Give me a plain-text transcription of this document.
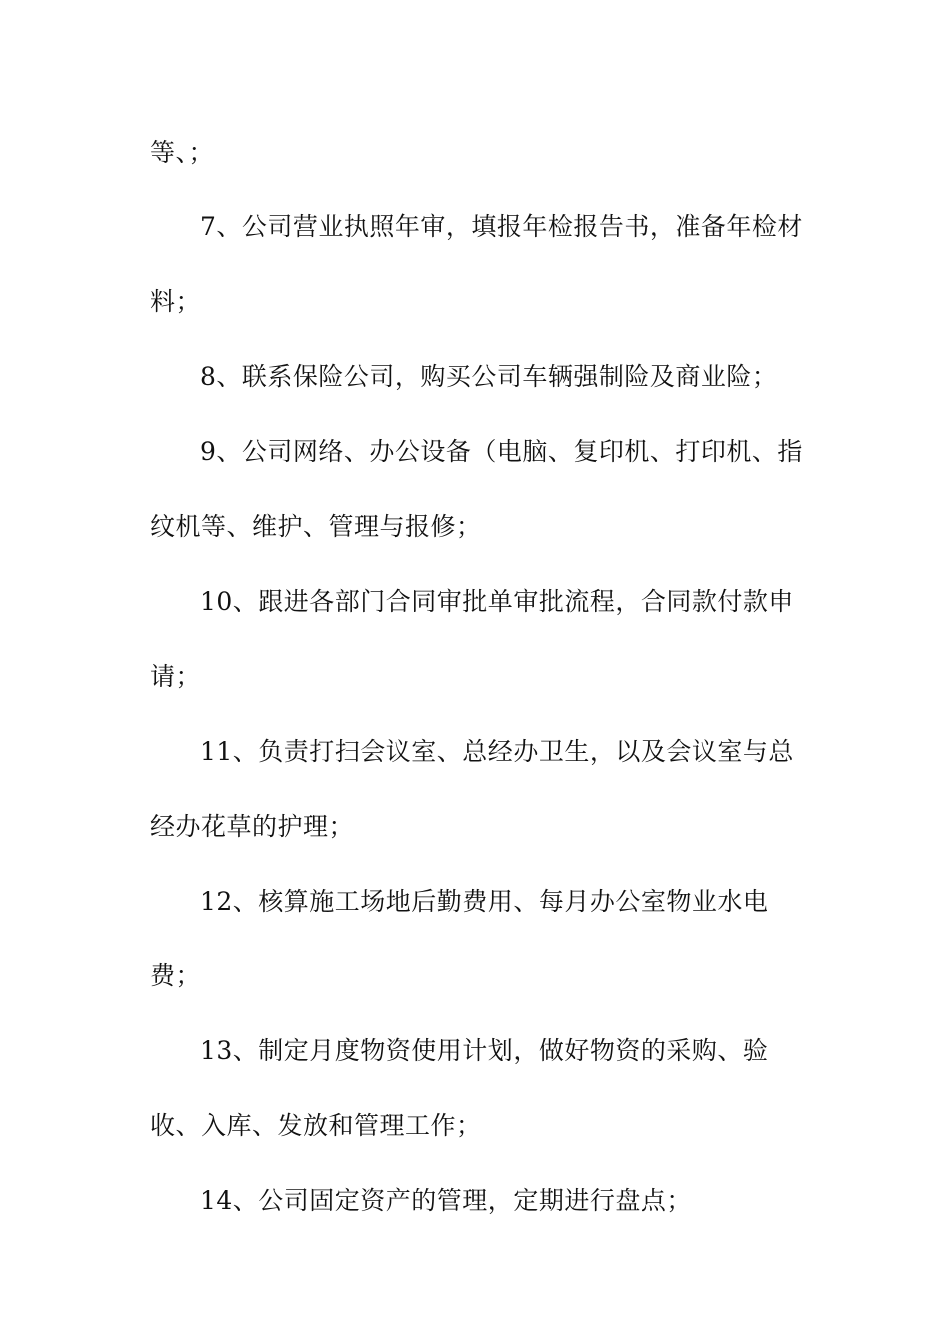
等、；
7、公司营业执照年审，填报年检报告书，准备年检材
料；
8、联系保险公司，购买公司车辆强制险及商业险；
9、公司网络、办公设备（电脑、复印机、打印机、指
纹机等、维护、管理与报修；
10、跟进各部门合同审批单审批流程，合同款付款申
请；
11、负责打扫会议室、总经办卫生，以及会议室与总
经办花草的护理；
12、核算施工场地后勤费用、每月办公室物业水电
费；
13、制定月度物资使用计划，做好物资的采购、验
收、入库、发放和管理工作；
14、公司固定资产的管理，定期进行盘点；
